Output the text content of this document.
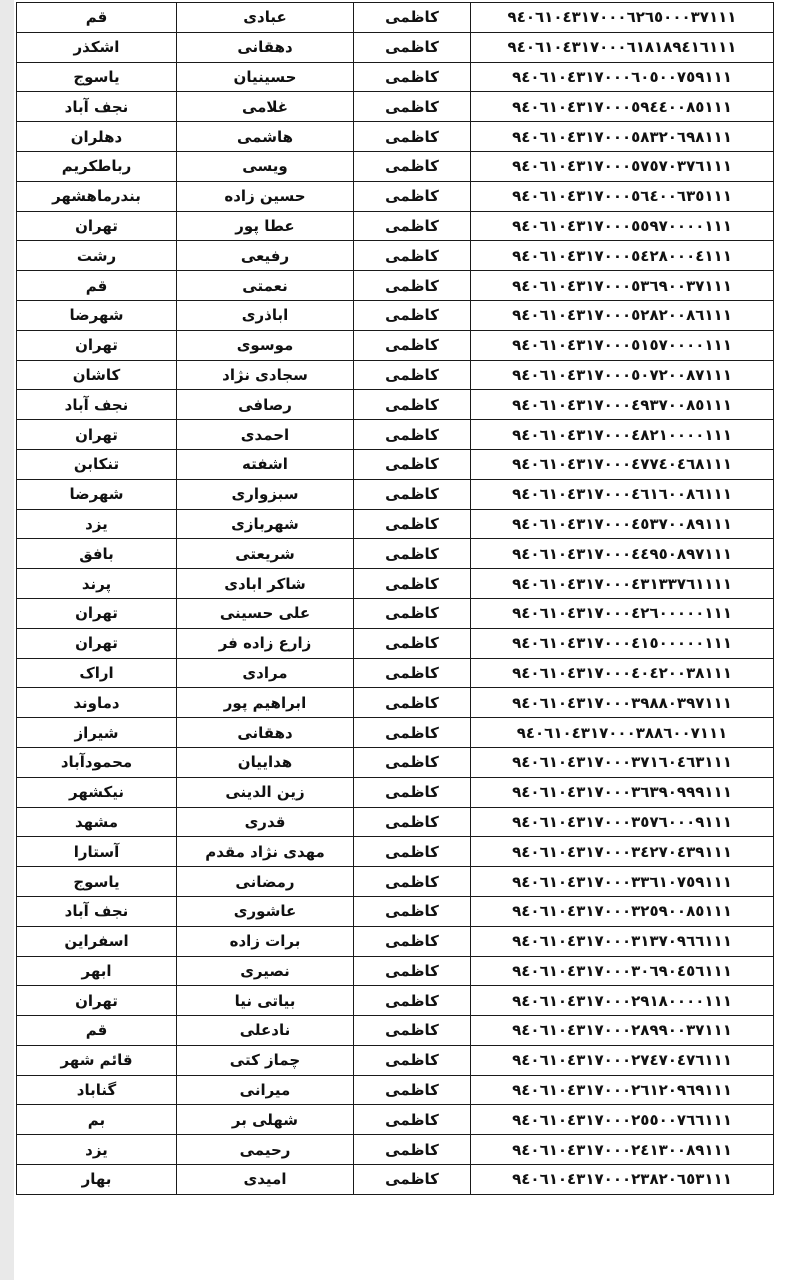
قم	عبادی	کاظمی	۹٤۰٦۱۰٤۳۱۷۰۰۰٦۲٦٥۰۰۰۳۷۱۱۱
اشکذر	دهقانی	کاظمی	۹٤۰٦۱۰٤۳۱۷۰۰۰٦۱۸۱۸۹٤۱٦۱۱۱
یاسوج	حسینیان	کاظمی	۹٤۰٦۱۰٤۳۱۷۰۰۰٦۰٥۰۰۷٥۹۱۱۱
نجف آباد	غلامی	کاظمی	۹٤۰٦۱۰٤۳۱۷۰۰۰٥۹٤٤۰۰۸٥۱۱۱
دهلران	هاشمی	کاظمی	۹٤۰٦۱۰٤۳۱۷۰۰۰٥۸۳۲۰٦۹۸۱۱۱
رباطکریم	ویسی	کاظمی	۹٤۰٦۱۰٤۳۱۷۰۰۰٥۷٥۷۰۳۷٦۱۱۱
بندرماهشهر	حسین زاده	کاظمی	۹٤۰٦۱۰٤۳۱۷۰۰۰٥٦٤۰۰٦۳٥۱۱۱
تهران	عطا پور	کاظمی	۹٤۰٦۱۰٤۳۱۷۰۰۰٥٥۹۷۰۰۰۰۱۱۱
رشت	رفیعی	کاظمی	۹٤۰٦۱۰٤۳۱۷۰۰۰٥٤۲۸۰۰۰٤۱۱۱
قم	نعمتی	کاظمی	۹٤۰٦۱۰٤۳۱۷۰۰۰٥۳٦۹۰۰۳۷۱۱۱
شهرضا	اباذری	کاظمی	۹٤۰٦۱۰٤۳۱۷۰۰۰٥۲۸۲۰۰۸٦۱۱۱
تهران	موسوی	کاظمی	۹٤۰٦۱۰٤۳۱۷۰۰۰٥۱٥۷۰۰۰۰۱۱۱
کاشان	سجادی نژاد	کاظمی	۹٤۰٦۱۰٤۳۱۷۰۰۰٥۰۷۲۰۰۸۷۱۱۱
نجف آباد	رصافی	کاظمی	۹٤۰٦۱۰٤۳۱۷۰۰۰٤۹۳۷۰۰۸٥۱۱۱
تهران	احمدی	کاظمی	۹٤۰٦۱۰٤۳۱۷۰۰۰٤۸۲۱۰۰۰۰۱۱۱
تنکابن	اشفته	کاظمی	۹٤۰٦۱۰٤۳۱۷۰۰۰٤۷۷٤۰٤٦۸۱۱۱
شهرضا	سبزواری	کاظمی	۹٤۰٦۱۰٤۳۱۷۰۰۰٤٦۱٦۰۰۸٦۱۱۱
یزد	شهربازی	کاظمی	۹٤۰٦۱۰٤۳۱۷۰۰۰٤٥۳۷۰۰۸۹۱۱۱
بافق	شریعتی	کاظمی	۹٤۰٦۱۰٤۳۱۷۰۰۰٤٤۹٥۰۸۹۷۱۱۱
پرند	شاکر ابادی	کاظمی	۹٤۰٦۱۰٤۳۱۷۰۰۰٤۳۱۳۳۷٦۱۱۱۱
تهران	علی حسینی	کاظمی	۹٤۰٦۱۰٤۳۱۷۰۰۰٤۲٦۰۰۰۰۰۱۱۱
تهران	زارع زاده فر	کاظمی	۹٤۰٦۱۰٤۳۱۷۰۰۰٤۱٥۰۰۰۰۰۱۱۱
اراک	مرادی	کاظمی	۹٤۰٦۱۰٤۳۱۷۰۰۰٤۰٤۲۰۰۳۸۱۱۱
دماوند	ابراهیم پور	کاظمی	۹٤۰٦۱۰٤۳۱۷۰۰۰۳۹۸۸۰۳۹۷۱۱۱
شیراز	دهقانی	کاظمی	۹٤۰٦۱۰٤۳۱۷۰۰۰۳۸۸٦۰۰۷۱۱۱
محمودآباد	هداییان	کاظمی	۹٤۰٦۱۰٤۳۱۷۰۰۰۳۷۱٦۰٤٦۳۱۱۱
نیکشهر	زین الدینی	کاظمی	۹٤۰٦۱۰٤۳۱۷۰۰۰۳٦۳۹۰۹۹۹۱۱۱
مشهد	قدری	کاظمی	۹٤۰٦۱۰٤۳۱۷۰۰۰۳٥۷٦۰۰۰۹۱۱۱
آستارا	مهدی نژاد مقدم	کاظمی	۹٤۰٦۱۰٤۳۱۷۰۰۰۳٤۲۷۰٤۳۹۱۱۱
یاسوج	رمضانی	کاظمی	۹٤۰٦۱۰٤۳۱۷۰۰۰۳۳٦۱۰۷٥۹۱۱۱
نجف آباد	عاشوری	کاظمی	۹٤۰٦۱۰٤۳۱۷۰۰۰۳۲٥۹۰۰۸٥۱۱۱
اسفراین	برات زاده	کاظمی	۹٤۰٦۱۰٤۳۱۷۰۰۰۳۱۳۷۰۹٦٦۱۱۱
ابهر	نصیری	کاظمی	۹٤۰٦۱۰٤۳۱۷۰۰۰۳۰٦۹۰٤٥٦۱۱۱
تهران	بیاتی نیا	کاظمی	۹٤۰٦۱۰٤۳۱۷۰۰۰۲۹۱۸۰۰۰۰۱۱۱
قم	نادعلی	کاظمی	۹٤۰٦۱۰٤۳۱۷۰۰۰۲۸۹۹۰۰۳۷۱۱۱
قائم شهر	چماز کتی	کاظمی	۹٤۰٦۱۰٤۳۱۷۰۰۰۲۷٤۷۰٤۷٦۱۱۱
گناباد	میرانی	کاظمی	۹٤۰٦۱۰٤۳۱۷۰۰۰۲٦۱۲۰۹٦۹۱۱۱
بم	شهلی بر	کاظمی	۹٤۰٦۱۰٤۳۱۷۰۰۰۲٥٥۰۰۷٦٦۱۱۱
یزد	رحیمی	کاظمی	۹٤۰٦۱۰٤۳۱۷۰۰۰۲٤۱۳۰۰۸۹۱۱۱
بهار	امیدی	کاظمی	۹٤۰٦۱۰٤۳۱۷۰۰۰۲۳۸۲۰٦٥۳۱۱۱
